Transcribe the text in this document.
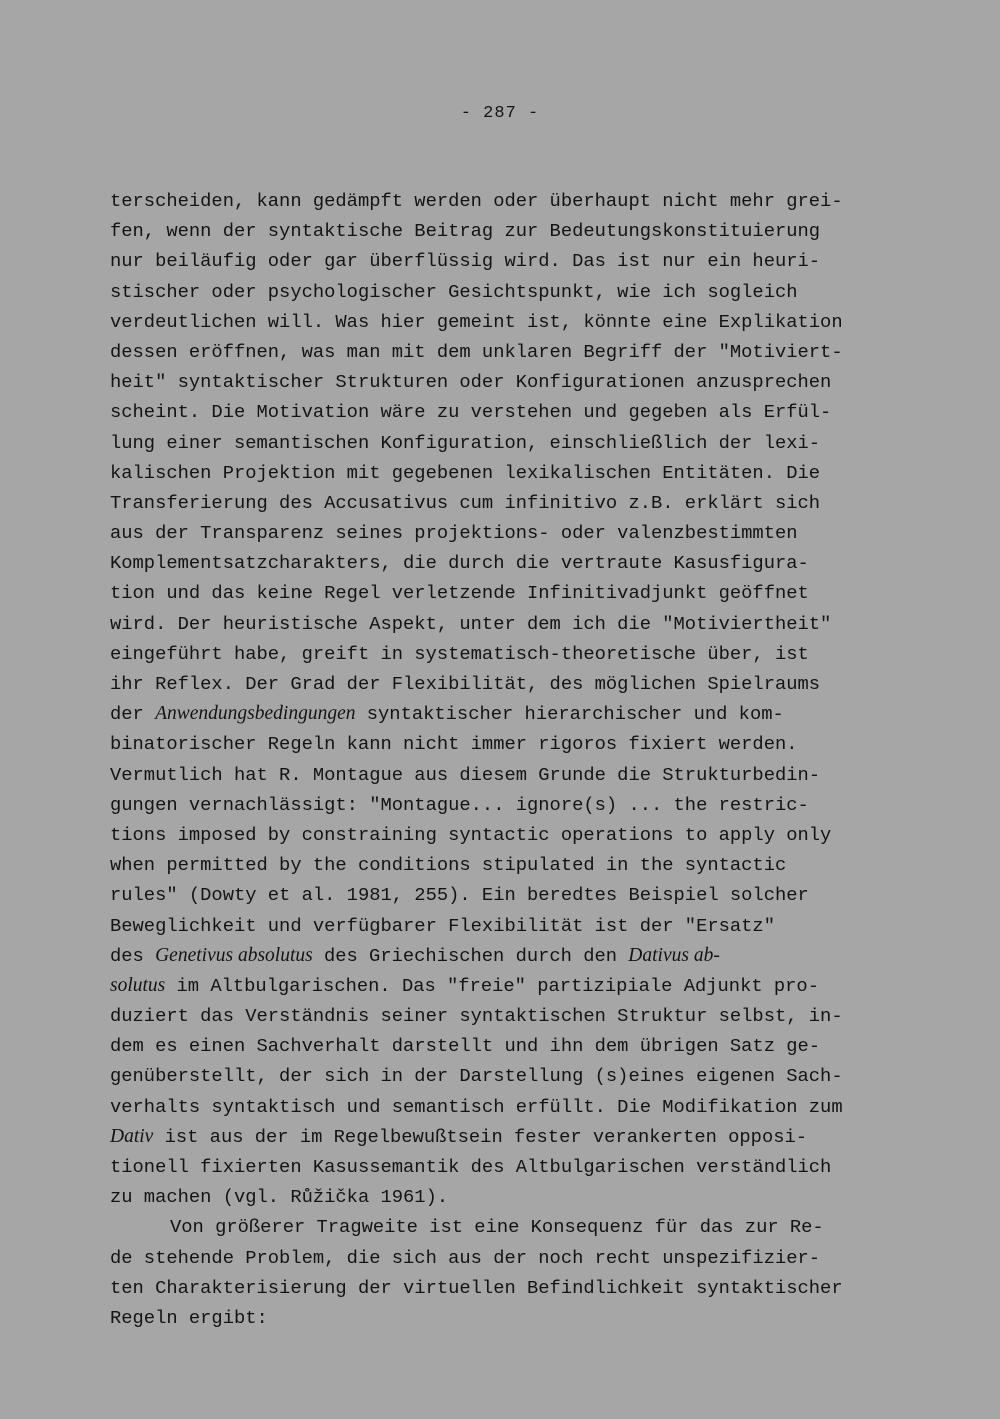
- 287 -
terscheiden, kann gedämpft werden oder überhaupt nicht mehr grei-
fen, wenn der syntaktische Beitrag zur Bedeutungskonstituierung
nur beiläufig oder gar überflüssig wird. Das ist nur ein heuri-
stischer oder psychologischer Gesichtspunkt, wie ich sogleich
verdeutlichen will. Was hier gemeint ist, könnte eine Explikation
dessen eröffnen, was man mit dem unklaren Begriff der "Motiviert-
heit" syntaktischer Strukturen oder Konfigurationen anzusprechen
scheint. Die Motivation wäre zu verstehen und gegeben als Erfül-
lung einer semantischen Konfiguration, einschließlich der lexi-
kalischen Projektion mit gegebenen lexikalischen Entitäten. Die
Transferierung des Accusativus cum infinitivo z.B. erklärt sich
aus der Transparenz seines projektions- oder valenzbestimmten
Komplementsatzcharakters, die durch die vertraute Kasusfigura-
tion und das keine Regel verletzende Infinitivadjunkt geöffnet
wird. Der heuristische Aspekt, unter dem ich die "Motiviertheit"
eingeführt habe, greift in systematisch-theoretische über, ist
ihr Reflex. Der Grad der Flexibilität, des möglichen Spielraums
der Anwendungsbedingungen syntaktischer hierarchischer und kom-
binatorischer Regeln kann nicht immer rigoros fixiert werden.
Vermutlich hat R. Montague aus diesem Grunde die Strukturbedin-
gungen vernachlässigt: "Montague... ignore(s) ... the restric-
tions imposed by constraining syntactic operations to apply only
when permitted by the conditions stipulated in the syntactic
rules" (Dowty et al. 1981, 255). Ein beredtes Beispiel solcher
Beweglichkeit und verfügbarer Flexibilität ist der "Ersatz"
des Genetivus absolutus des Griechischen durch den Dativus ab-
solutus im Altbulgarischen. Das "freie" partizipiale Adjunkt pro-
duziert das Verständnis seiner syntaktischen Struktur selbst, in-
dem es einen Sachverhalt darstellt und ihn dem übrigen Satz ge-
genüberstellt, der sich in der Darstellung (s)eines eigenen Sach-
verhalts syntaktisch und semantisch erfüllt. Die Modifikation zum
Dativ ist aus der im Regelbewußtsein fester verankerten opposi-
tionell fixierten Kasussemantik des Altbulgarischen verständlich
zu machen (vgl. Růžička 1961).
Von größerer Tragweite ist eine Konsequenz für das zur Re-
de stehende Problem, die sich aus der noch recht unspezifizier-
ten Charakterisierung der virtuellen Befindlichkeit syntaktischer
Regeln ergibt:
